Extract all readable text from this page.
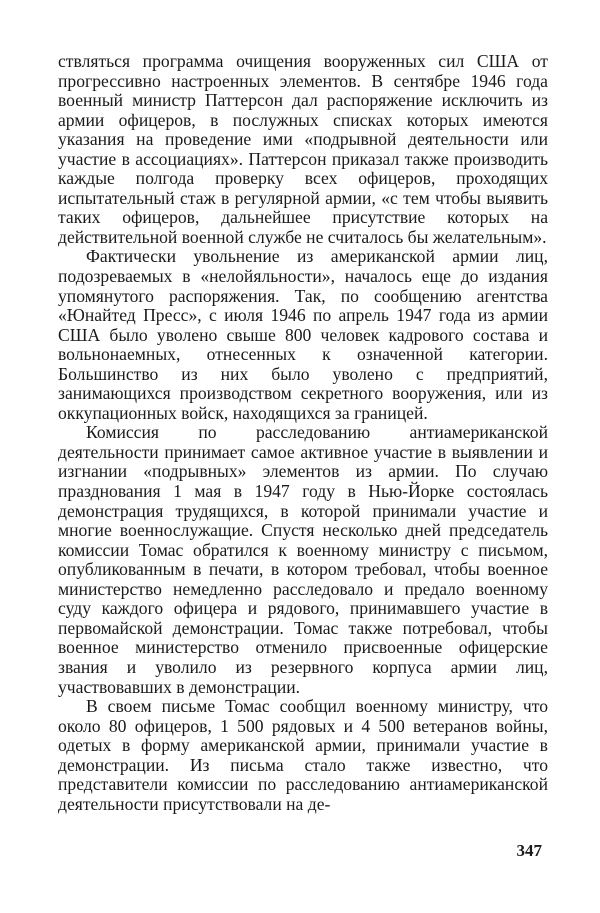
ствляться программа очищения вооруженных сил США от прогрессивно настроенных элементов. В сентябре 1946 года военный министр Паттерсон дал распоряжение исключить из армии офицеров, в послужных списках которых имеются указания на проведение ими «подрывной деятельности или участие в ассоциациях». Паттерсон приказал также производить каждые полгода проверку всех офицеров, проходящих испытательный стаж в регулярной армии, «с тем чтобы выявить таких офицеров, дальнейшее присутствие которых на действительной военной службе не считалось бы желательным».

Фактически увольнение из американской армии лиц, подозреваемых в «нелойяльности», началось еще до издания упомянутого распоряжения. Так, по сообщению агентства «Юнайтед Пресс», с июля 1946 по апрель 1947 года из армии США было уволено свыше 800 человек кадрового состава и вольнонаемных, отнесенных к означенной категории. Большинство из них было уволено с предприятий, занимающихся производством секретного вооружения, или из оккупационных войск, находящихся за границей.

Комиссия по расследованию антиамериканской деятельности принимает самое активное участие в выявлении и изгнании «подрывных» элементов из армии. По случаю празднования 1 мая в 1947 году в Нью-Йорке состоялась демонстрация трудящихся, в которой принимали участие и многие военнослужащие. Спустя несколько дней председатель комиссии Томас обратился к военному министру с письмом, опубликованным в печати, в котором требовал, чтобы военное министерство немедленно расследовало и предало военному суду каждого офицера и рядового, принимавшего участие в первомайской демонстрации. Томас также потребовал, чтобы военное министерство отменило присвоенные офицерские звания и уволило из резервного корпуса армии лиц, участвовавших в демонстрации.

В своем письме Томас сообщил военному министру, что около 80 офицеров, 1 500 рядовых и 4 500 ветеранов войны, одетых в форму американской армии, принимали участие в демонстрации. Из письма стало также известно, что представители комиссии по расследованию антиамериканской деятельности присутствовали на де-

347
